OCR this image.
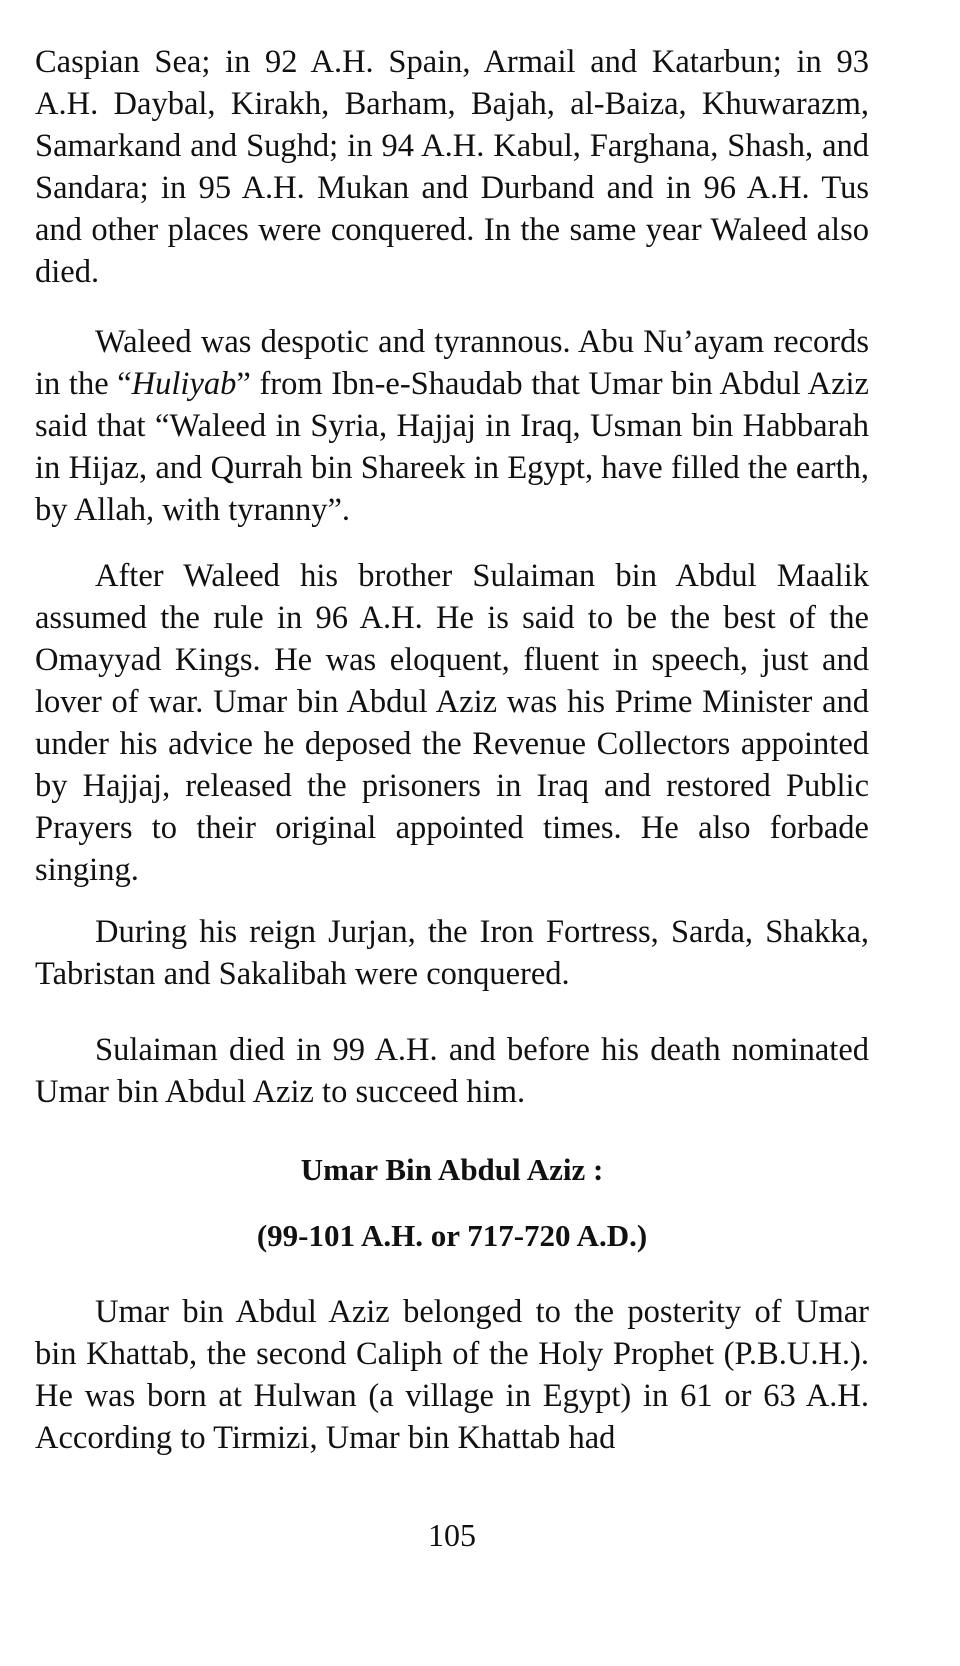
Caspian Sea; in 92 A.H. Spain, Armail and Katarbun; in 93 A.H. Daybal, Kirakh, Barham, Bajah, al-Baiza, Khuwarazm, Samarkand and Sughd; in 94 A.H. Kabul, Farghana, Shash, and Sandara; in 95 A.H. Mukan and Durband and in 96 A.H. Tus and other places were conquered. In the same year Waleed also died.

Waleed was despotic and tyrannous. Abu Nu’ayam records in the “Huliyab” from Ibn-e-Shaudab that Umar bin Abdul Aziz said that “Waleed in Syria, Hajjaj in Iraq, Usman bin Habbarah in Hijaz, and Qurrah bin Shareek in Egypt, have filled the earth, by Allah, with tyranny”.

After Waleed his brother Sulaiman bin Abdul Maalik assumed the rule in 96 A.H. He is said to be the best of the Omayyad Kings. He was eloquent, fluent in speech, just and lover of war. Umar bin Abdul Aziz was his Prime Minister and under his advice he deposed the Revenue Collectors appointed by Hajjaj, released the prisoners in Iraq and restored Public Prayers to their original appointed times. He also forbade singing.

During his reign Jurjan, the Iron Fortress, Sarda, Shakka, Tabristan and Sakalibah were conquered.

Sulaiman died in 99 A.H. and before his death nominated Umar bin Abdul Aziz to succeed him.

Umar Bin Abdul Aziz :
(99-101 A.H. or 717-720 A.D.)

Umar bin Abdul Aziz belonged to the posterity of Umar bin Khattab, the second Caliph of the Holy Prophet (P.B.U.H.). He was born at Hulwan (a village in Egypt) in 61 or 63 A.H. According to Tirmizi, Umar bin Khattab had

105
